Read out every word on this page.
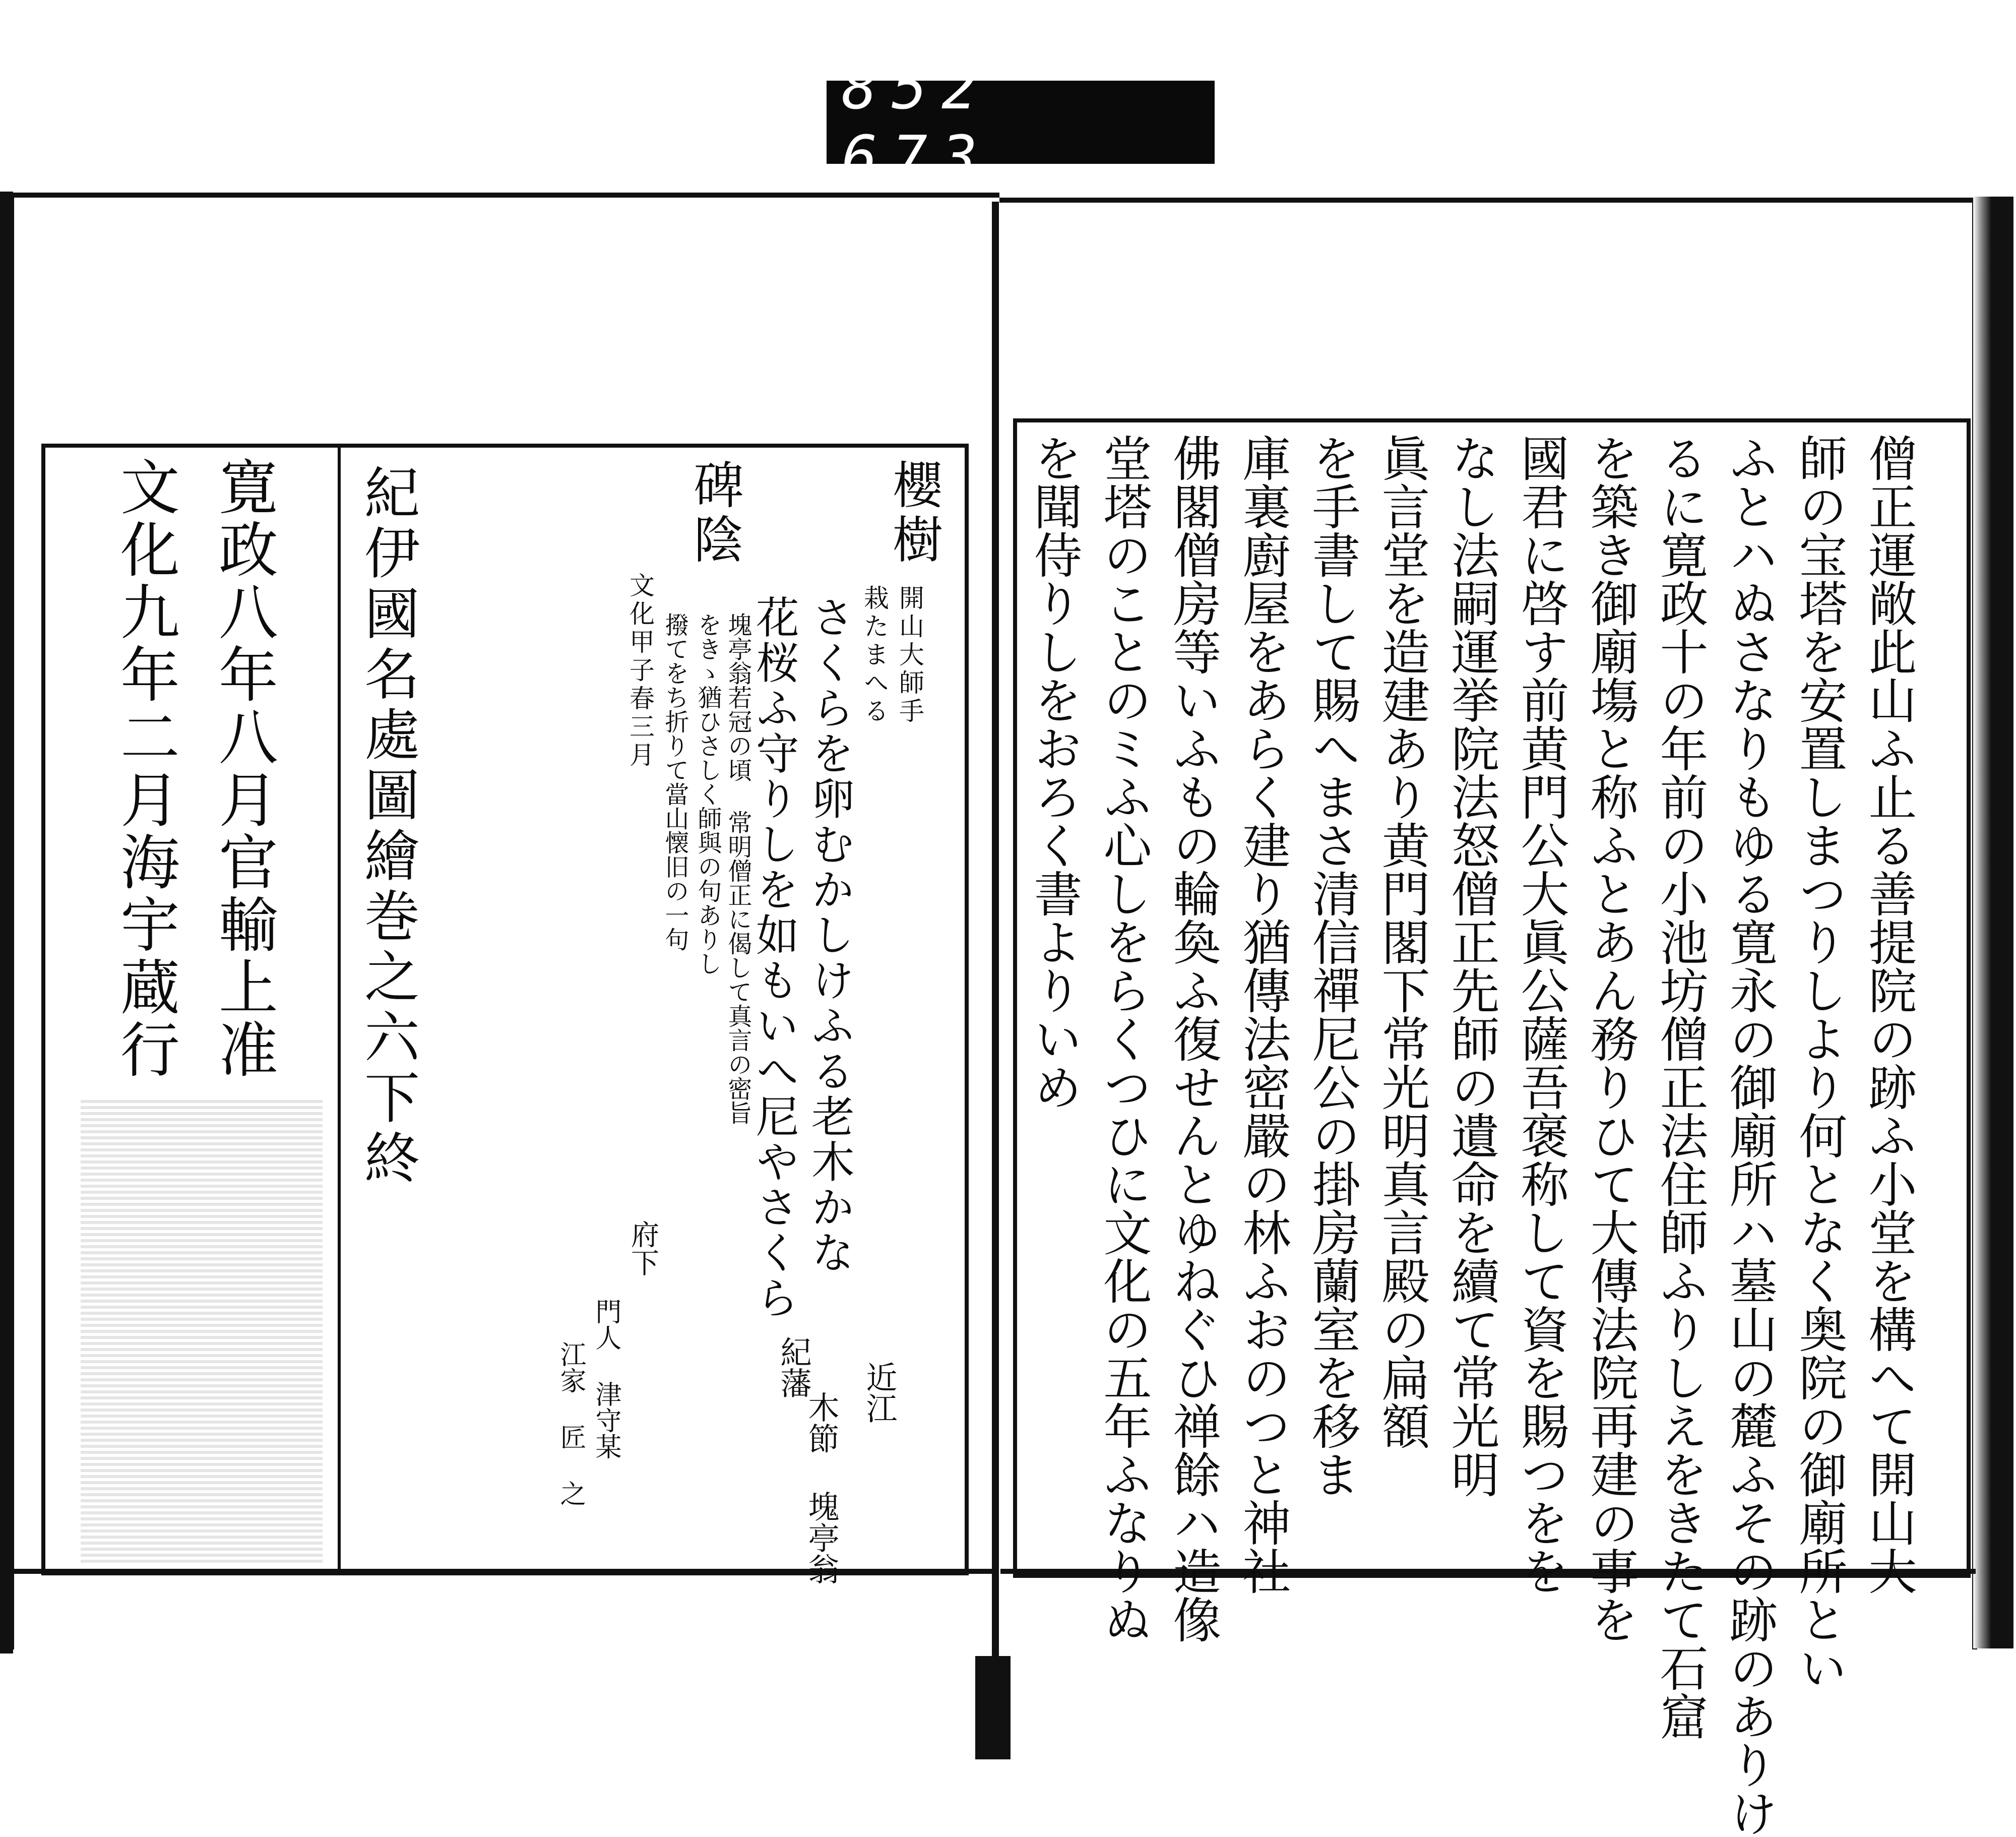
852 673.
寛政八年八月官輸上准
文化九年二月海宇蔵行	紀伊國名處圖繪巻之六下終	櫻樹
開山大師手
栽たまへる
さくらを卵むかしけふる老木かな
花桜ふ守りしを如もいへ尼やさくら
近江
木節 塊亭翁
紀藩
碑陰
文化甲子春三月	塊亭翁若冠の頃 常明僧正に偈して真言の密旨
をきゝ猶ひさしく師與の句ありし
撥てをち折りて當山懐旧の一句
府下
門人 津守某
江家 匠 之	僧正運敞此山ふ止る善提院の跡ふ小堂を構へて開山大
師の宝塔を安置しまつりしより何となく奥院の御廟所とい
ふとハぬさなりもゆる寛永の御廟所ハ墓山の麓ふその跡のありけ
るに寛政十の年前の小池坊僧正法住師ふりしえをきたて石窟
を築き御廟塲と称ふとあん務りひて大傳法院再建の事を
國君に啓す前黄門公大眞公薩吾褒称して資を賜つをを
なし法嗣運挙院法怒僧正先師の遺命を續て常光明
眞言堂を造建あり黄門閣下常光明真言殿の扁額
を手書して賜へまさ清信禪尼公の掛房蘭室を移ま
庫裏廚屋をあらく建り猶傳法密嚴の林ふおのつと神社
佛閣僧房等いふもの輪奐ふ復せんとゆねぐひ禅餘ハ造像
堂塔のことのミふ心しをらくつひに文化の五年ふなりぬ
を聞侍りしをおろく書よりいめ
